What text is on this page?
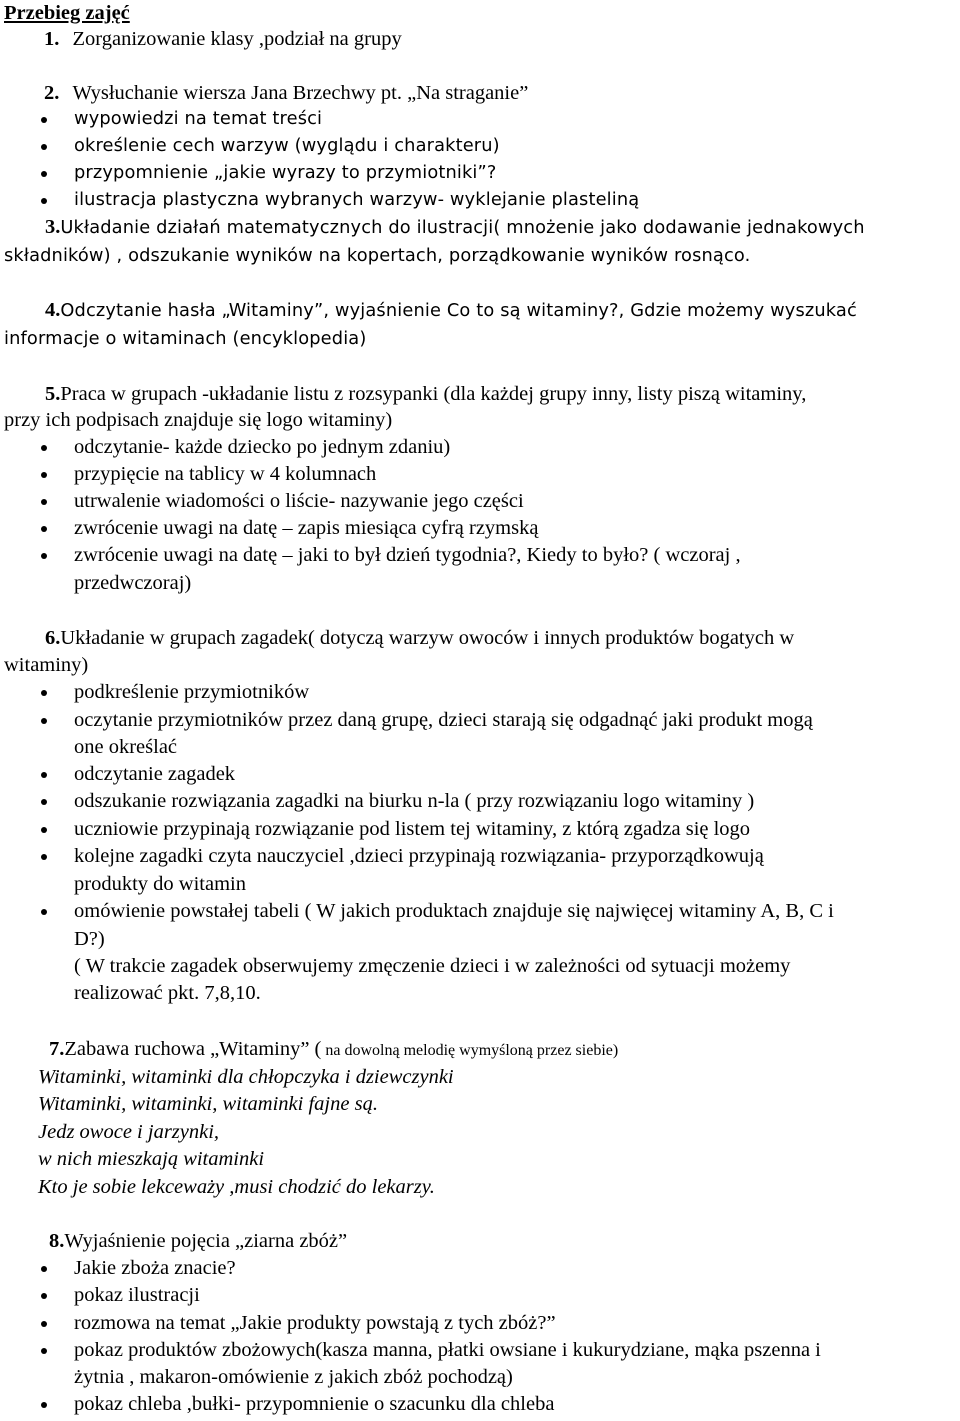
Przebieg zajęć
1. Zorganizowanie klasy ,podział na grupy
2. Wysłuchanie wiersza Jana Brzechwy pt. „Na straganie”
wypowiedzi na temat treści
określenie cech warzyw (wyglądu i charakteru)
przypomnienie „jakie wyrazy to przymiotniki”?
ilustracja plastyczna wybranych warzyw- wyklejanie plasteliną
3.Układanie działań matematycznych do ilustracji( mnożenie jako dodawanie jednakowych
składników) , odszukanie wyników na kopertach, porządkowanie wyników rosnąco.
4.Odczytanie hasła „Witaminy”, wyjaśnienie Co to są witaminy?, Gdzie możemy wyszukać
informacje o witaminach (encyklopedia)
5.Praca w grupach -układanie listu z rozsypanki (dla każdej grupy inny, listy piszą witaminy,
przy ich podpisach znajduje się logo witaminy)
odczytanie- każde dziecko po jednym zdaniu)
przypięcie na tablicy w 4 kolumnach
utrwalenie wiadomości o liście- nazywanie jego części
zwrócenie uwagi na datę – zapis miesiąca cyfrą rzymską
zwrócenie uwagi na datę – jaki to był dzień tygodnia?, Kiedy to było? ( wczoraj ,
przedwczoraj)
6.Układanie w grupach zagadek( dotyczą warzyw owoców i innych produktów bogatych w
witaminy)
podkreślenie przymiotników
oczytanie przymiotników przez daną grupę, dzieci starają się odgadnąć jaki produkt mogą
one określać
odczytanie zagadek
odszukanie rozwiązania zagadki na biurku n-la ( przy rozwiązaniu logo witaminy )
uczniowie przypinają rozwiązanie pod listem tej witaminy, z którą zgadza się logo
kolejne zagadki czyta nauczyciel ,dzieci przypinają rozwiązania- przyporządkowują
produkty do witamin
omówienie powstałej tabeli ( W jakich produktach znajduje się najwięcej witaminy A, B, C i
D?)
( W trakcie zagadek obserwujemy zmęczenie dzieci i w zależności od sytuacji możemy
realizować pkt. 7,8,10.
7.Zabawa ruchowa „Witaminy” ( na dowolną melodię wymyśloną przez siebie)
Witaminki, witaminki dla chłopczyka i dziewczynki
Witaminki, witaminki, witaminki fajne są.
Jedz owoce i jarzynki,
w nich mieszkają witaminki
Kto je sobie lekceważy ,musi chodzić do lekarzy.
8.Wyjaśnienie pojęcia „ziarna zbóż”
Jakie zboża znacie?
pokaz ilustracji
rozmowa na temat „Jakie produkty powstają z tych zbóż?”
pokaz produktów zbożowych(kasza manna, płatki owsiane i kukurydziane, mąka pszenna i
żytnia , makaron-omówienie z jakich zbóż pochodzą)
pokaz chleba ,bułki- przypomnienie o szacunku dla chleba
